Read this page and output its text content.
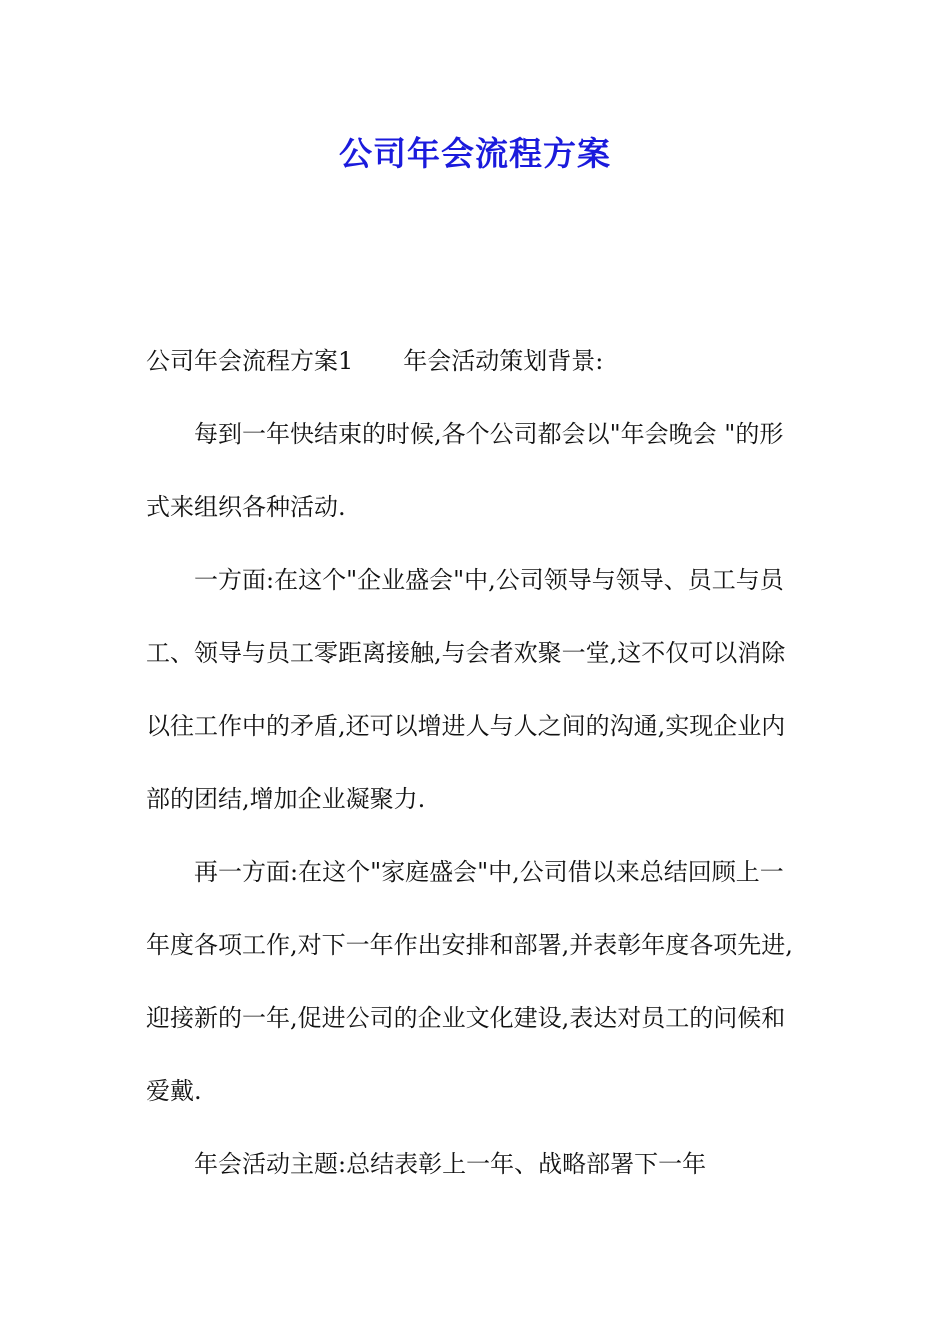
公司年会流程方案
公司年会流程方案1 年会活动策划背景:
每到一年快结束的时候,各个公司都会以"年会晚会 "的形
式来组织各种活动.
一方面:在这个"企业盛会"中,公司领导与领导、员工与员
工、领导与员工零距离接触,与会者欢聚一堂,这不仅可以消除
以往工作中的矛盾,还可以增进人与人之间的沟通,实现企业内
部的团结,增加企业凝聚力.
再一方面:在这个"家庭盛会"中,公司借以来总结回顾上一
年度各项工作,对下一年作出安排和部署,并表彰年度各项先进,
迎接新的一年,促进公司的企业文化建设,表达对员工的问候和
爱戴.
年会活动主题:总结表彰上一年、战略部署下一年
